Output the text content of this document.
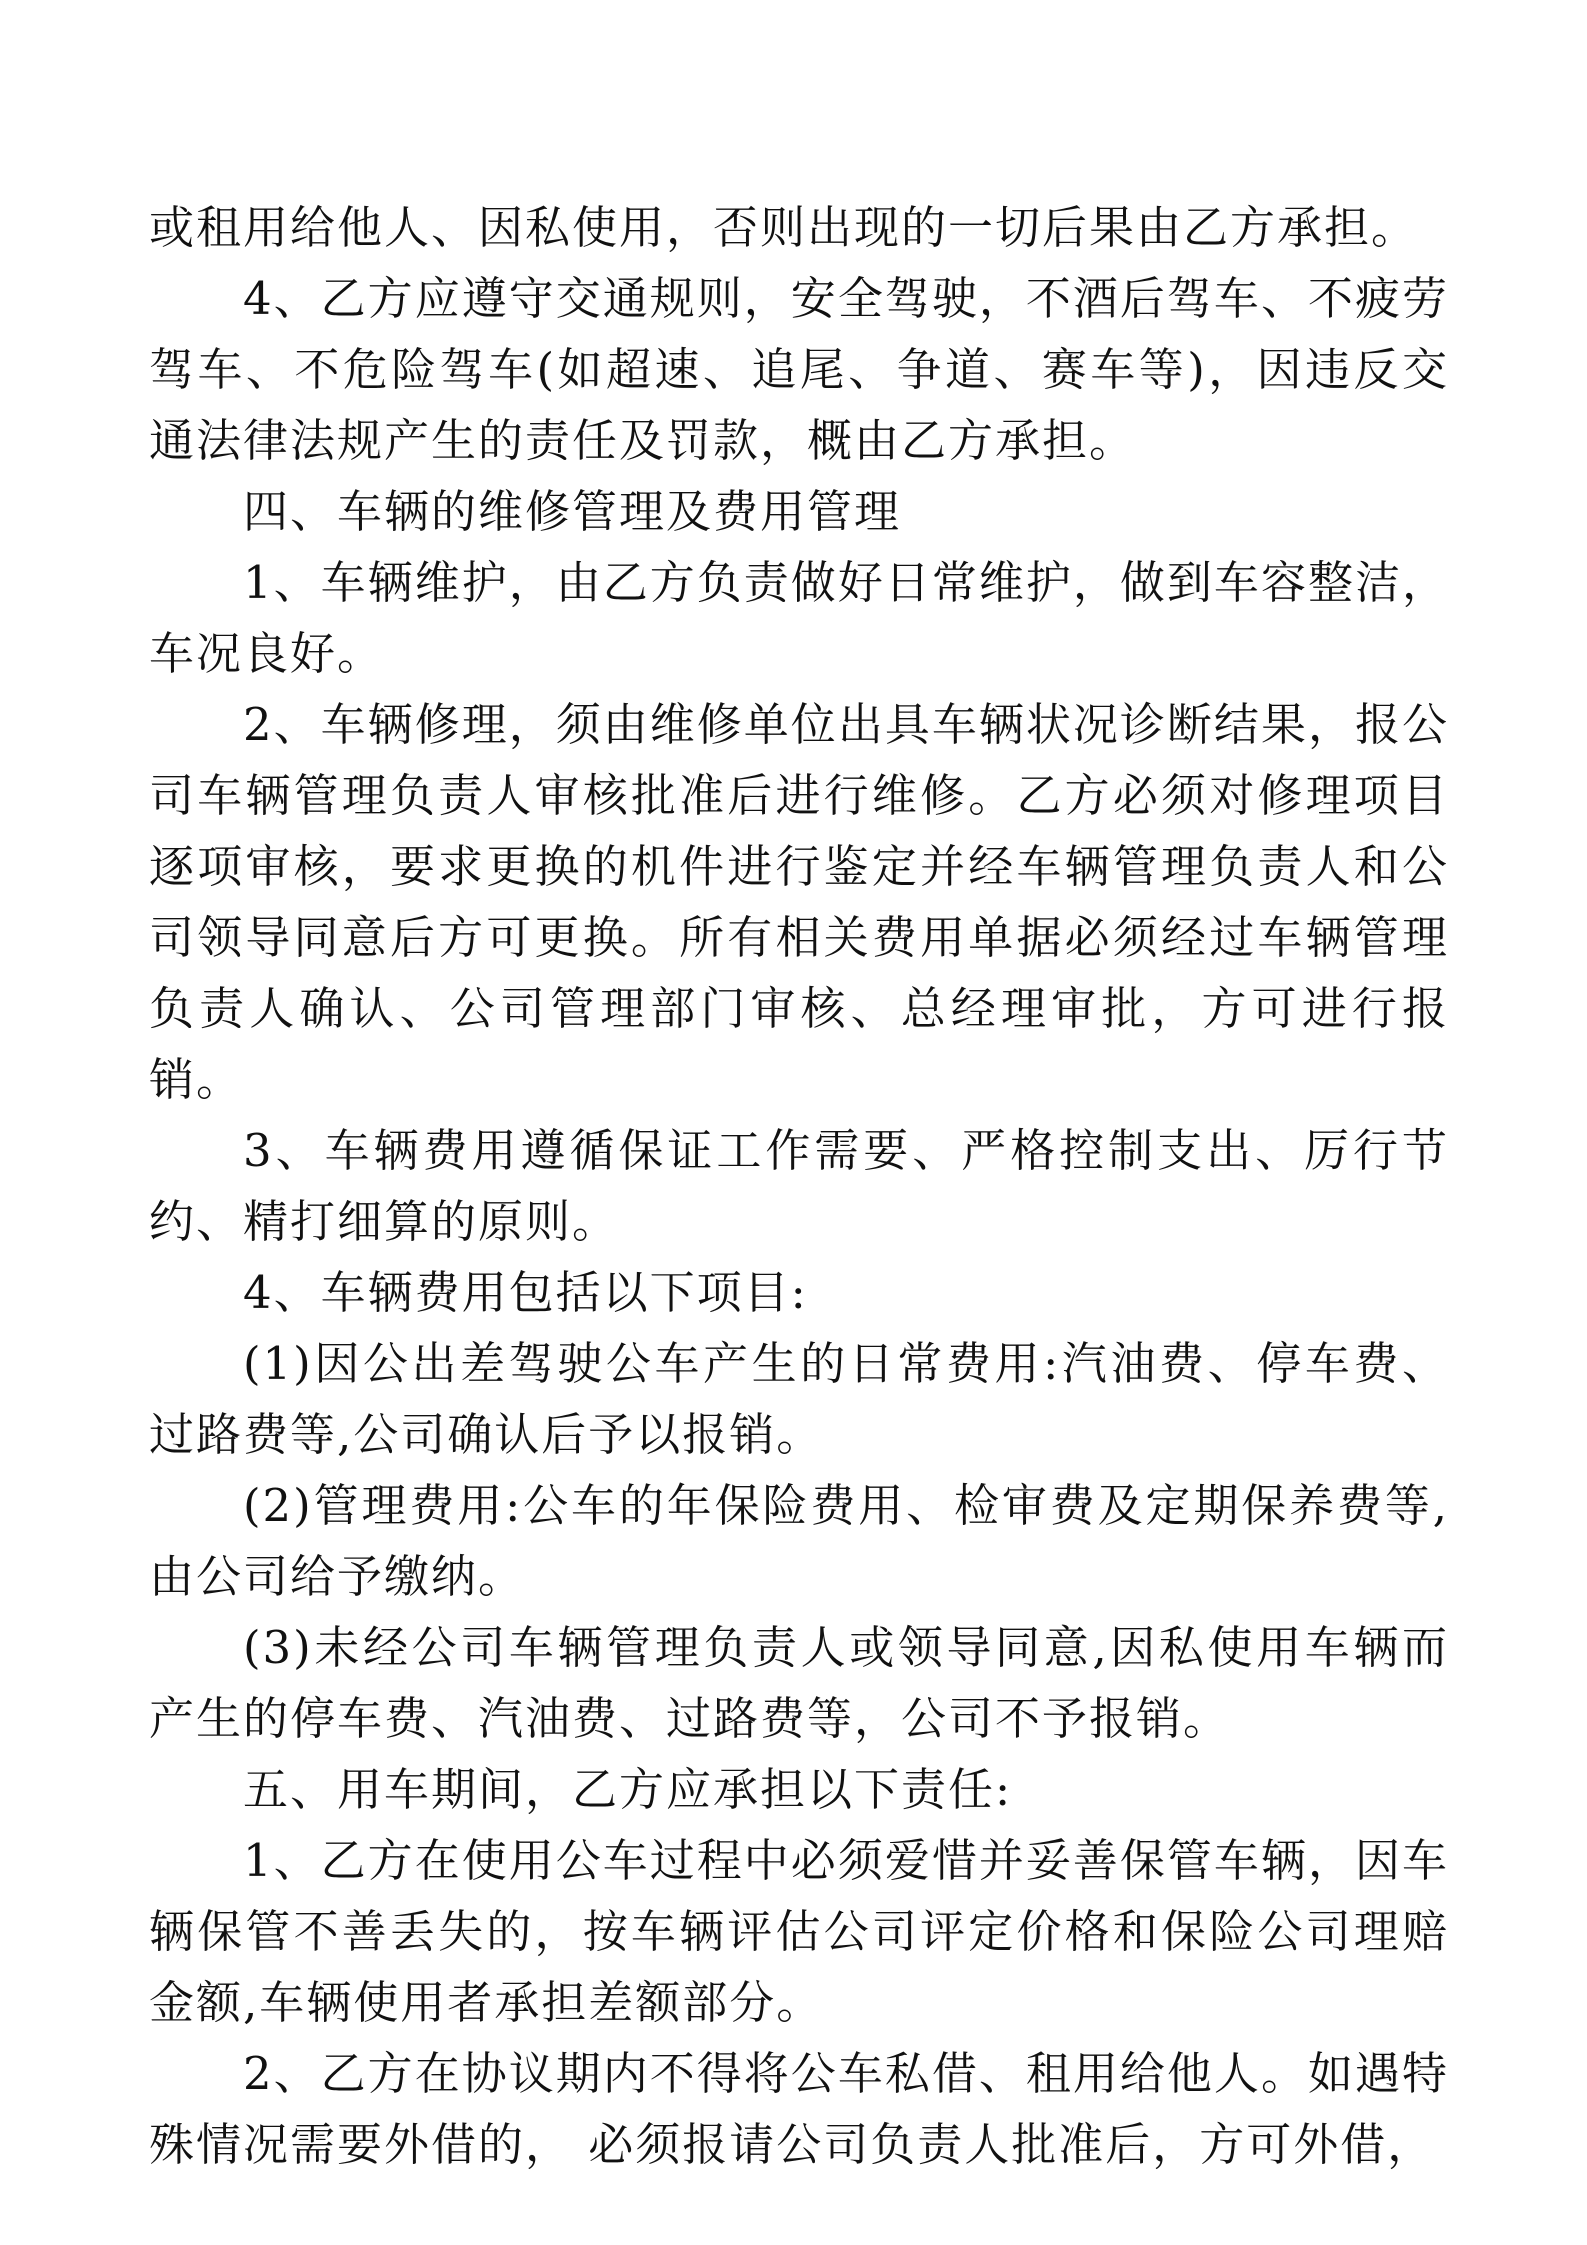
或租用给他人、因私使用，否则出现的一切后果由乙方承担。

4、乙方应遵守交通规则，安全驾驶，不酒后驾车、不疲劳驾车、不危险驾车(如超速、追尾、争道、赛车等)，因违反交通法律法规产生的责任及罚款，概由乙方承担。

四、车辆的维修管理及费用管理

1、车辆维护，由乙方负责做好日常维护，做到车容整洁，车况良好。

2、车辆修理，须由维修单位出具车辆状况诊断结果，报公司车辆管理负责人审核批准后进行维修。乙方必须对修理项目逐项审核，要求更换的机件进行鉴定并经车辆管理负责人和公司领导同意后方可更换。所有相关费用单据必须经过车辆管理负责人确认、公司管理部门审核、总经理审批，方可进行报销。

3、车辆费用遵循保证工作需要、严格控制支出、厉行节约、精打细算的原则。

4、车辆费用包括以下项目:

(1)因公出差驾驶公车产生的日常费用:汽油费、停车费、过路费等,公司确认后予以报销。

(2)管理费用:公车的年保险费用、检审费及定期保养费等,由公司给予缴纳。

(3)未经公司车辆管理负责人或领导同意,因私使用车辆而产生的停车费、汽油费、过路费等，公司不予报销。

五、用车期间，乙方应承担以下责任:

1、乙方在使用公车过程中必须爱惜并妥善保管车辆，因车辆保管不善丢失的，按车辆评估公司评定价格和保险公司理赔金额,车辆使用者承担差额部分。

2、乙方在协议期内不得将公车私借、租用给他人。如遇特殊情况需要外借的， 必须报请公司负责人批准后，方可外借，
